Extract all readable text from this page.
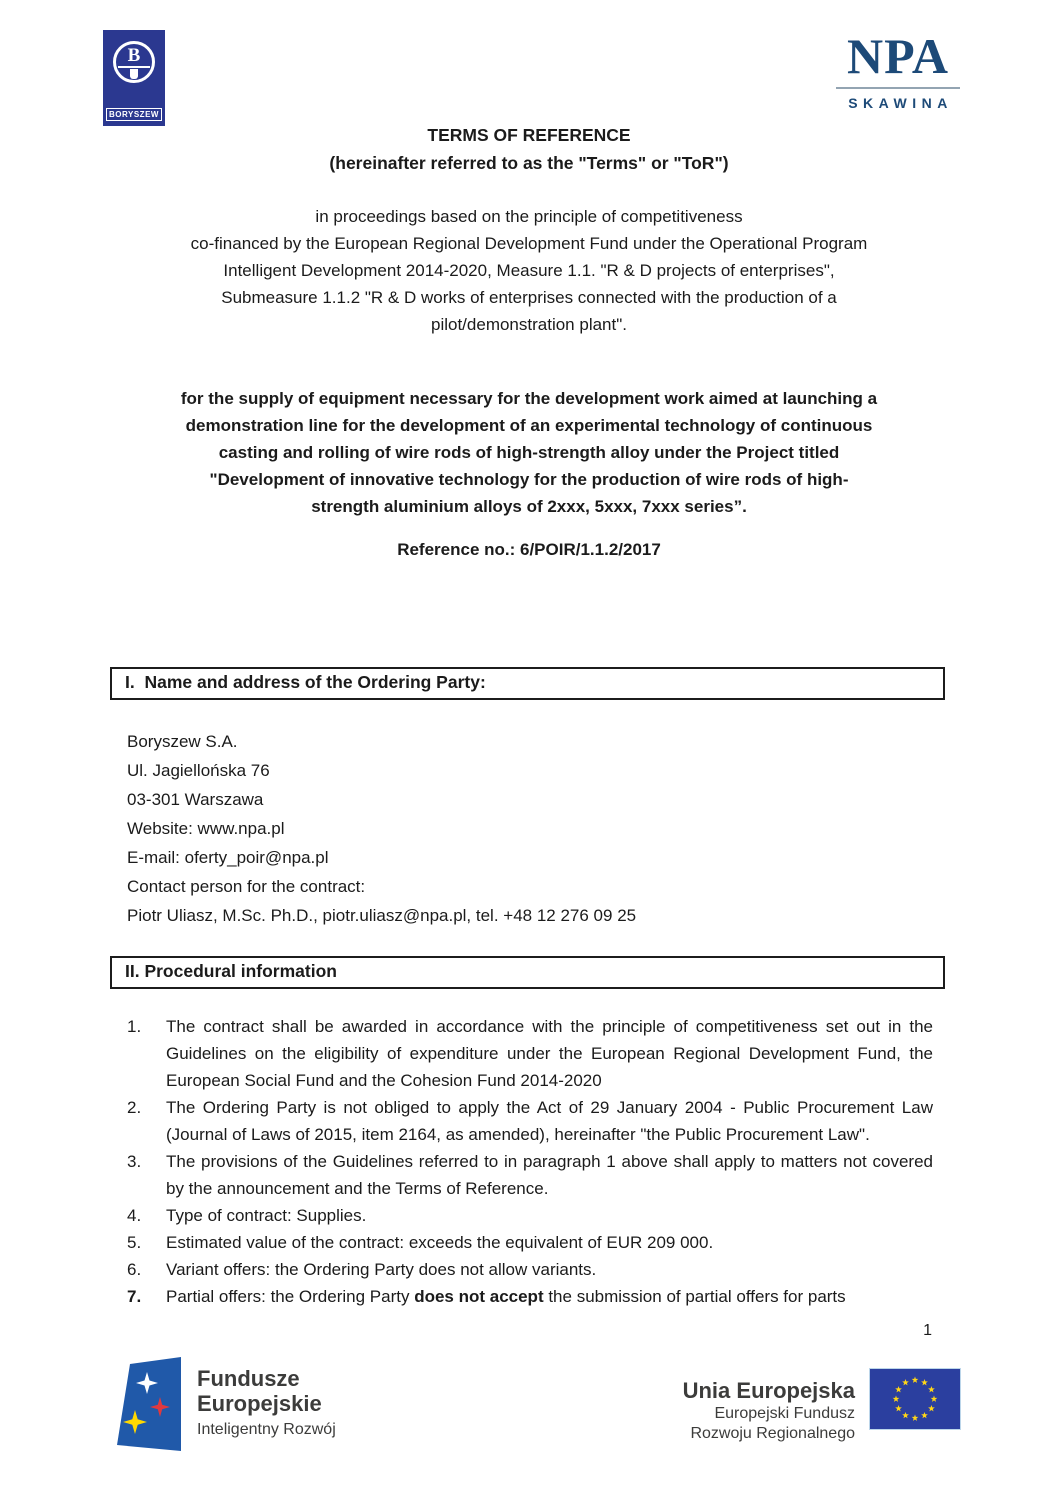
B
BORYSZEW
NPA
SKAWINA
TERMS OF REFERENCE
(hereinafter referred to as the "Terms" or "ToR")
in proceedings based on the principle of competitiveness
co-financed by the European Regional Development Fund under the Operational Program
Intelligent Development 2014-2020, Measure 1.1. "R & D projects of enterprises",
Submeasure 1.1.2 "R & D works of enterprises connected with the production of a
pilot/demonstration plant".
for the supply of equipment necessary for the development work aimed at launching a
demonstration line for the development of an experimental technology of continuous
casting and rolling of wire rods of high-strength alloy under the Project titled
"Development of innovative technology for the production of wire rods of high-
strength aluminium alloys of 2xxx, 5xxx, 7xxx series”.
Reference no.: 6/POIR/1.1.2/2017
I.  Name and address of the Ordering Party:
Boryszew S.A.
Ul. Jagiellońska 76
03-301 Warszawa
Website: www.npa.pl
E-mail: oferty_poir@npa.pl
Contact person for the contract:
Piotr Uliasz, M.Sc. Ph.D., piotr.uliasz@npa.pl, tel. +48 12 276 09 25
II. Procedural information
1.	The contract shall be awarded in accordance with the principle of competitiveness set out in the Guidelines on the eligibility of expenditure under the European Regional Development Fund, the European Social Fund and the Cohesion Fund 2014-2020
2.	The Ordering Party is not obliged to apply the Act of 29 January 2004 - Public Procurement Law (Journal of Laws of 2015, item 2164, as amended), hereinafter "the Public Procurement Law".
3.	The provisions of the Guidelines referred to in paragraph 1 above shall apply to matters not covered by the announcement and the Terms of Reference.
4.	Type of contract: Supplies.
5.	Estimated value of the contract: exceeds the equivalent of EUR 209 000.
6.	Variant offers: the Ordering Party does not allow variants.
7.	Partial offers: the Ordering Party does not accept the submission of partial offers for parts
1
Fundusze
Europejskie
Inteligentny Rozwój
Unia Europejska
Europejski Fundusz
Rozwoju Regionalnego
